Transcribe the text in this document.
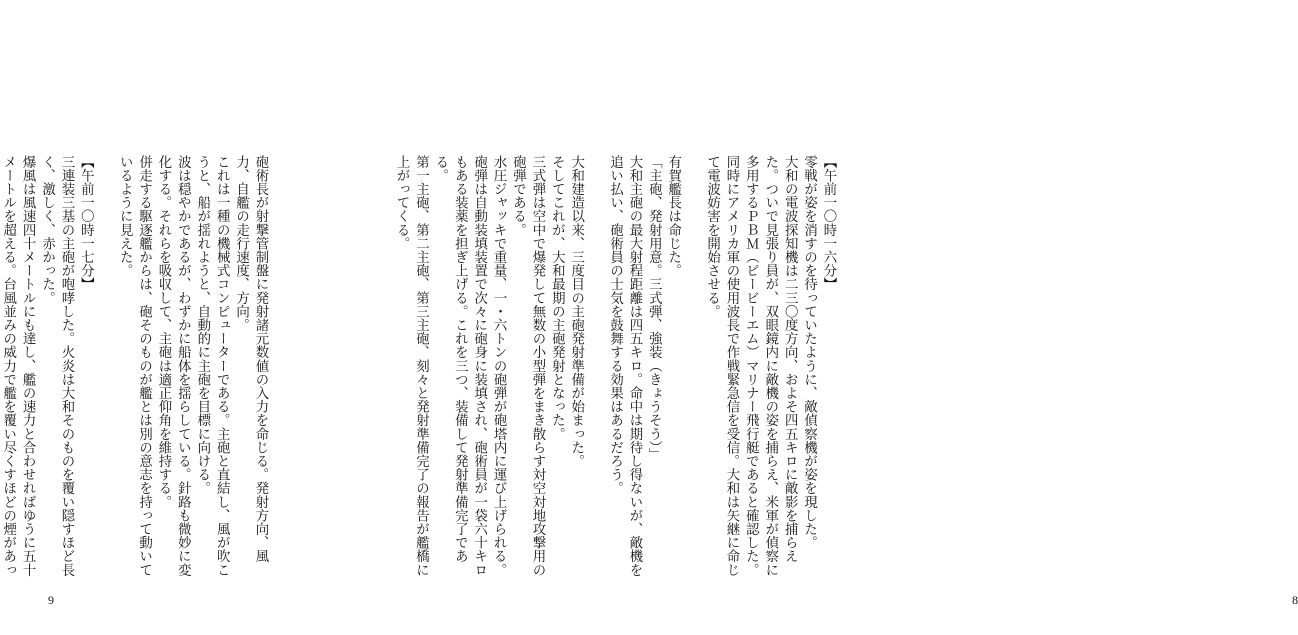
砲術長が射撃管制盤に発射諸元数値の入力を命じる。発射方向、風力、自艦の走行速度、方向。

これは一種の機械式コンピューターである。主砲と直結し、風が吹こうと、船が揺れようと、自動的に主砲を目標に向ける。

波は穏やかであるが、わずかに船体を揺らしている。針路も微妙に変化する。それらを吸収して、主砲は適正仰角を維持する。

併走する駆逐艦からは、砲そのものが艦とは別の意志を持って動いているように見えた。

【午前一〇時一七分】

三連装三基の主砲が咆哮した。火炎は大和そのものを覆い隠すほど長く、激しく、赤かった。

爆風は風速四十メートルにも達し、艦の速力と合わせればゆうに五十メートルを超える。台風並みの威力で艦を覆い尽くすほどの煙があっ

9

【午前一〇時一六分】

零戦が姿を消すのを待っていたように、敵偵察機が姿を現した。

大和の電波探知機は二三〇度方向、およそ四五キロに敵影を捕らえた。ついで見張り員が、双眼鏡内に敵機の姿を捕らえ、米軍が偵察に多用するＰＢＭ（ピービーエム）マリナー飛行艇であると確認した。同時にアメリカ軍の使用波長で作戦緊急信を受信。大和は矢継に命じて電波妨害を開始させる。

有賀艦長は命じた。

「主砲、発射用意。三式弾、強装（きょうそう）」

大和主砲の最大射程距離は四五キロ。命中は期待し得ないが、敵機を追い払い、砲術員の士気を鼓舞する効果はあるだろう。

大和建造以来、三度目の主砲発射準備が始まった。

そしてこれが、大和最期の主砲発射となった。

三式弾は空中で爆発して無数の小型弾をまき散らす対空対地攻撃用の砲弾である。

水圧ジャッキで重量、一・六トンの砲弾が砲塔内に運び上げられる。

砲弾は自動装填装置で次々に砲身に装填され、砲術員が一袋六十キロもある装薬を担ぎ上げる。これを三つ、装備して発射準備完了である。

第一主砲、第二主砲、第三主砲、刻々と発射準備完了の報告が艦橋に上がってくる。

8
